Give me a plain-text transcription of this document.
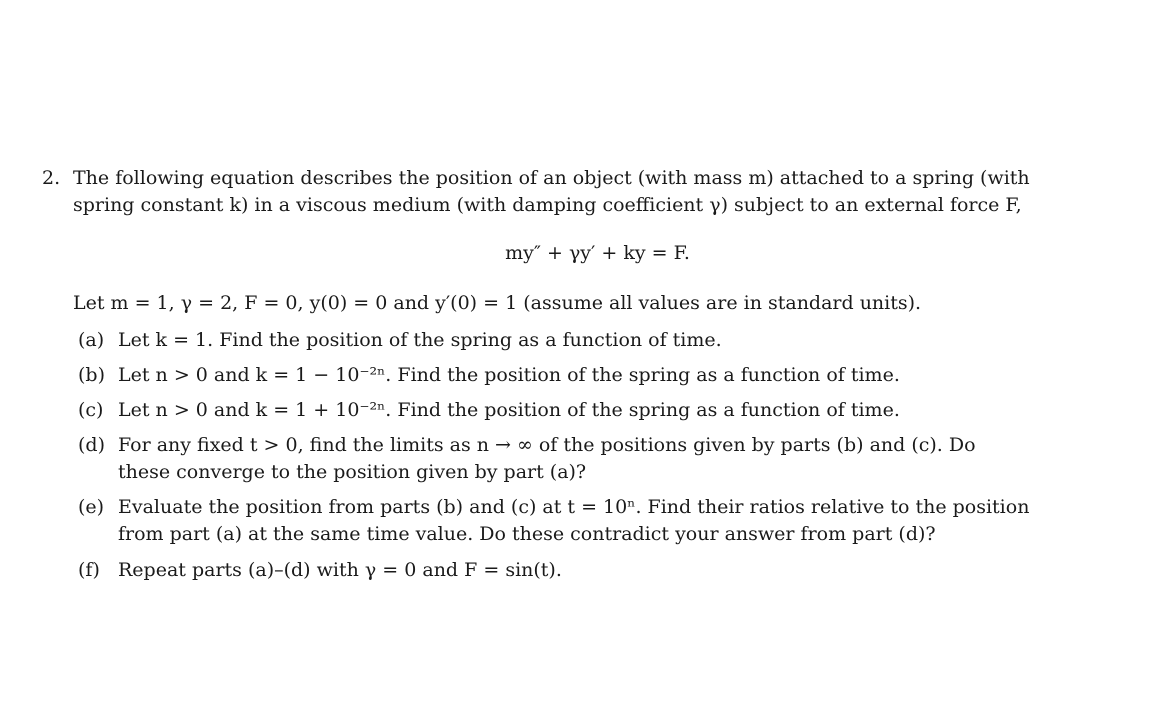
2. The following equation describes the position of an object (with mass m) attached to a spring (with
spring constant k) in a viscous medium (with damping coefficient γ) subject to an external force F,
my″ + γy′ + ky = F.
Let m = 1, γ = 2, F = 0, y(0) = 0 and y′(0) = 1 (assume all values are in standard units).
(a) Let k = 1. Find the position of the spring as a function of time.
(b) Let n > 0 and k = 1 − 10⁻²ⁿ. Find the position of the spring as a function of time.
(c) Let n > 0 and k = 1 + 10⁻²ⁿ. Find the position of the spring as a function of time.
(d) For any fixed t > 0, find the limits as n → ∞ of the positions given by parts (b) and (c). Do
these converge to the position given by part (a)?
(e) Evaluate the position from parts (b) and (c) at t = 10ⁿ. Find their ratios relative to the position
from part (a) at the same time value. Do these contradict your answer from part (d)?
(f) Repeat parts (a)–(d) with γ = 0 and F = sin(t).
